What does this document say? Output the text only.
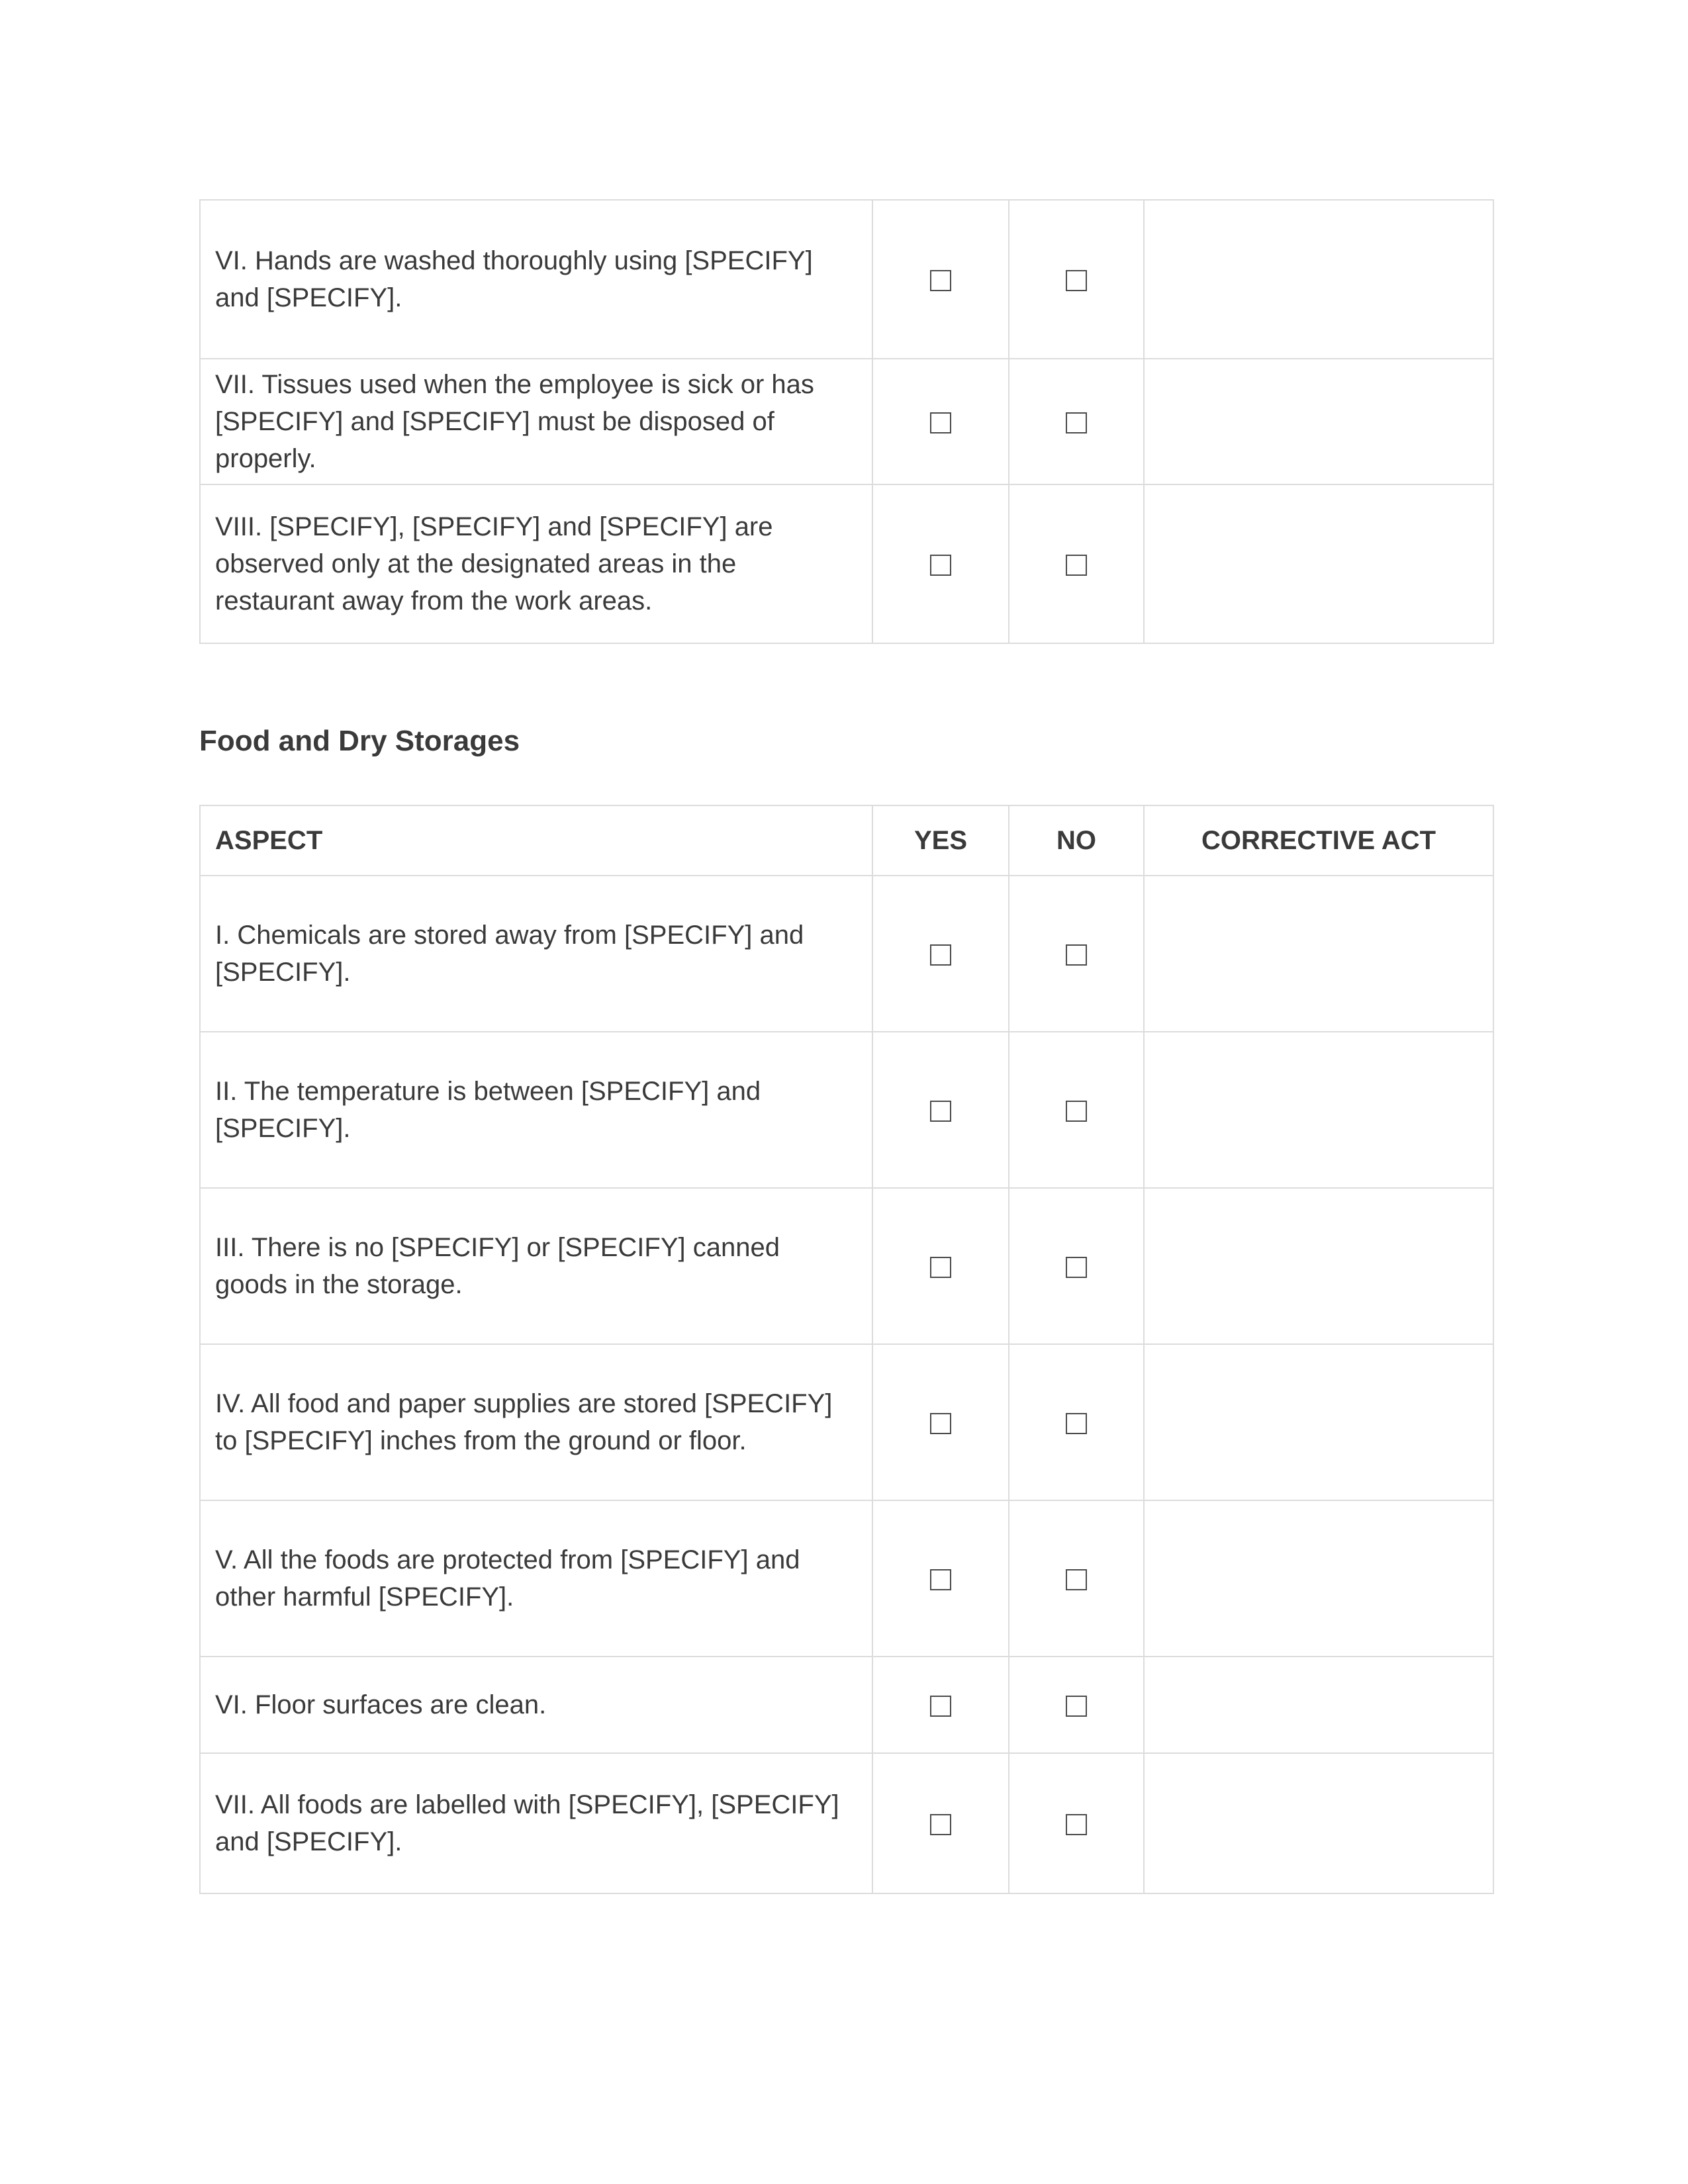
VI. Hands are washed thoroughly using [SPECIFY] and [SPECIFY].			
VII. Tissues used when the employee is sick or has [SPECIFY] and [SPECIFY] must be disposed of properly.			
VIII. [SPECIFY], [SPECIFY] and [SPECIFY] are observed only at the designated areas in the restaurant away from the work areas.			
Food and Dry Storages
ASPECT	YES	NO	CORRECTIVE ACT
I. Chemicals are stored away from [SPECIFY] and [SPECIFY].			
II. The temperature is between [SPECIFY] and [SPECIFY].			
III. There is no [SPECIFY] or [SPECIFY] canned goods in the storage.			
IV. All food and paper supplies are stored [SPECIFY] to [SPECIFY] inches from the ground or floor.			
V. All the foods are protected from [SPECIFY] and other harmful [SPECIFY].			
VI. Floor surfaces are clean.			
VII. All foods are labelled with [SPECIFY], [SPECIFY] and [SPECIFY].			
